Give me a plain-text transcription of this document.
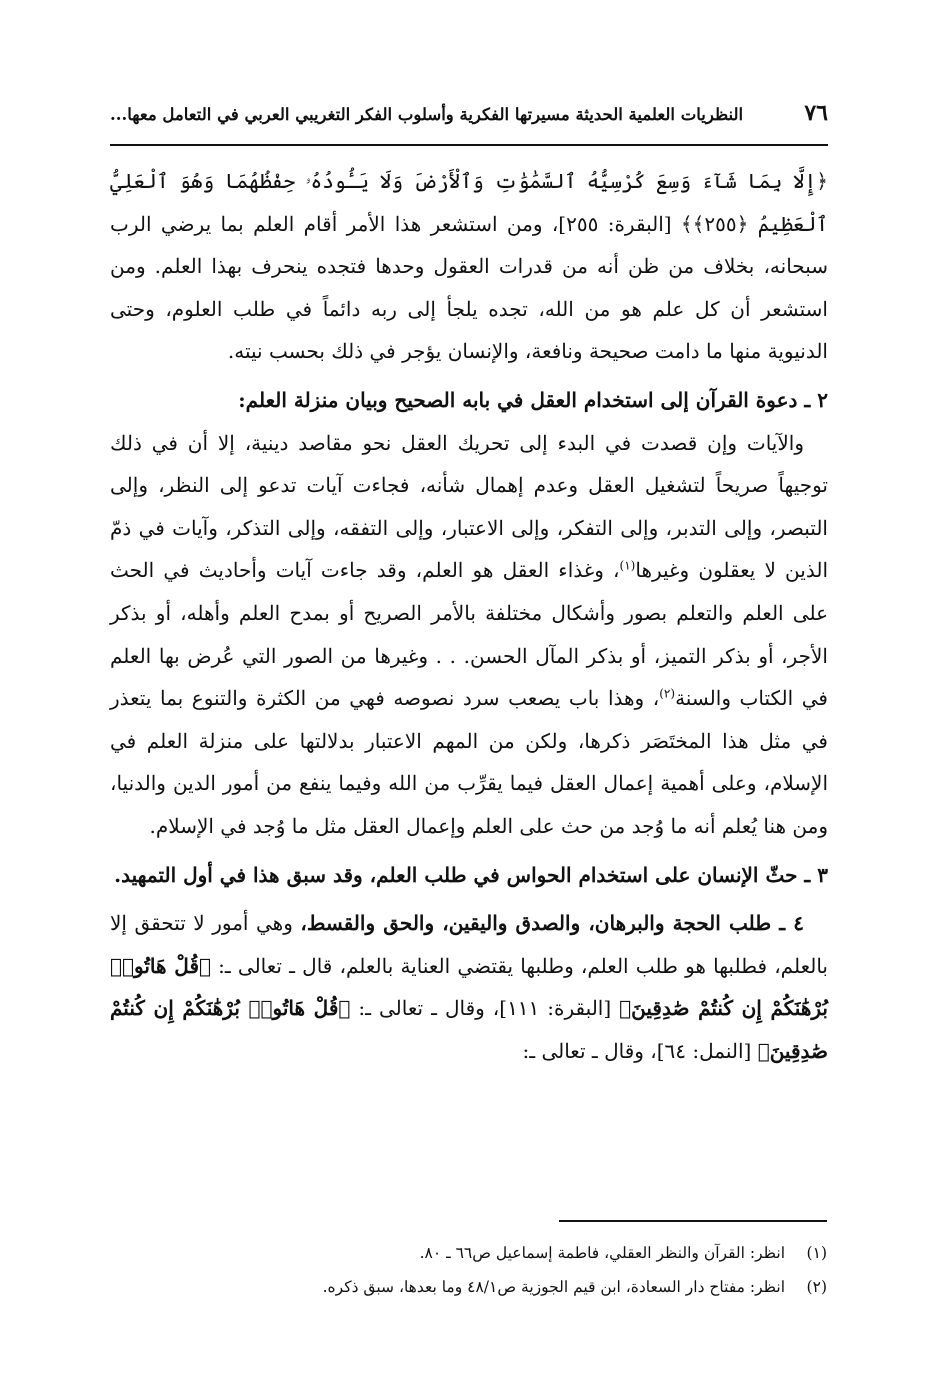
٧٦
النظريات العلمية الحديثة مسيرتها الفكرية وأسلوب الفكر التغريبي العربي في التعامل معها...

﴿إِلَّا بِمَا شَآءَ وَسِعَ كُرْسِيُّهُ ٱلسَّمَٰوَٰتِ وَٱلْأَرْضَ وَلَا يَـُٔودُهُۥ حِفْظُهُمَا وَهُوَ ٱلْعَلِيُّ ٱلْعَظِيمُ ﴿٢٥٥﴾﴾ [البقرة: ٢٥٥]، ومن استشعر هذا الأمر أقام العلم بما يرضي الرب سبحانه، بخلاف من ظن أنه من قدرات العقول وحدها فتجده ينحرف بهذا العلم. ومن استشعر أن كل علم هو من الله، تجده يلجأ إلى ربه دائماً في طلب العلوم، وحتى الدنيوية منها ما دامت صحيحة ونافعة، والإنسان يؤجر في ذلك بحسب نيته.

٢ ـ دعوة القرآن إلى استخدام العقل في بابه الصحيح وبيان منزلة العلم:

والآيات وإن قصدت في البدء إلى تحريك العقل نحو مقاصد دينية، إلا أن في ذلك توجيهاً صريحاً لتشغيل العقل وعدم إهمال شأنه، فجاءت آيات تدعو إلى النظر، وإلى التبصر، وإلى التدبر، وإلى التفكر، وإلى الاعتبار، وإلى التفقه، وإلى التذكر، وآيات في ذمّ الذين لا يعقلون وغيرها$^{(١)}$، وغذاء العقل هو العلم، وقد جاءت آيات وأحاديث في الحث على العلم والتعلم بصور وأشكال مختلفة بالأمر الصريح أو بمدح العلم وأهله، أو بذكر الأجر، أو بذكر التميز، أو بذكر المآل الحسن. . . وغيرها من الصور التي عُرض بها العلم في الكتاب والسنة$^{(٢)}$، وهذا باب يصعب سرد نصوصه فهي من الكثرة والتنوع بما يتعذر في مثل هذا المختَصَر ذكرها، ولكن من المهم الاعتبار بدلالتها على منزلة العلم في الإسلام، وعلى أهمية إعمال العقل فيما يقرِّب من الله وفيما ينفع من أمور الدين والدنيا، ومن هنا يُعلم أنه ما وُجد من حث على العلم وإعمال العقل مثل ما وُجد في الإسلام.

٣ ـ حثّ الإنسان على استخدام الحواس في طلب العلم، وقد سبق هذا في أول التمهيد.

٤ ـ طلب الحجة والبرهان، والصدق واليقين، والحق والقسط، وهي أمور لا تتحقق إلا بالعلم، فطلبها هو طلب العلم، وطلبها يقتضي العناية بالعلم، قال ـ تعالى ـ: ﴿قُلْ هَاتُوا۟ بُرْهَٰنَكُمْ إِن كُنتُمْ صَٰدِقِينَ﴾ [البقرة: ١١١]، وقال ـ تعالى ـ: ﴿قُلْ هَاتُوا۟ بُرْهَٰنَكُمْ إِن كُنتُمْ صَٰدِقِينَ﴾ [النمل: ٦٤]، وقال ـ تعالى ـ:

(١)
انظر: القرآن والنظر العقلي، فاطمة إسماعيل ص٦٦ ـ ٨٠.
(٢)
انظر: مفتاح دار السعادة، ابن قيم الجوزية ص٤٨/١ وما بعدها، سبق ذكره.
